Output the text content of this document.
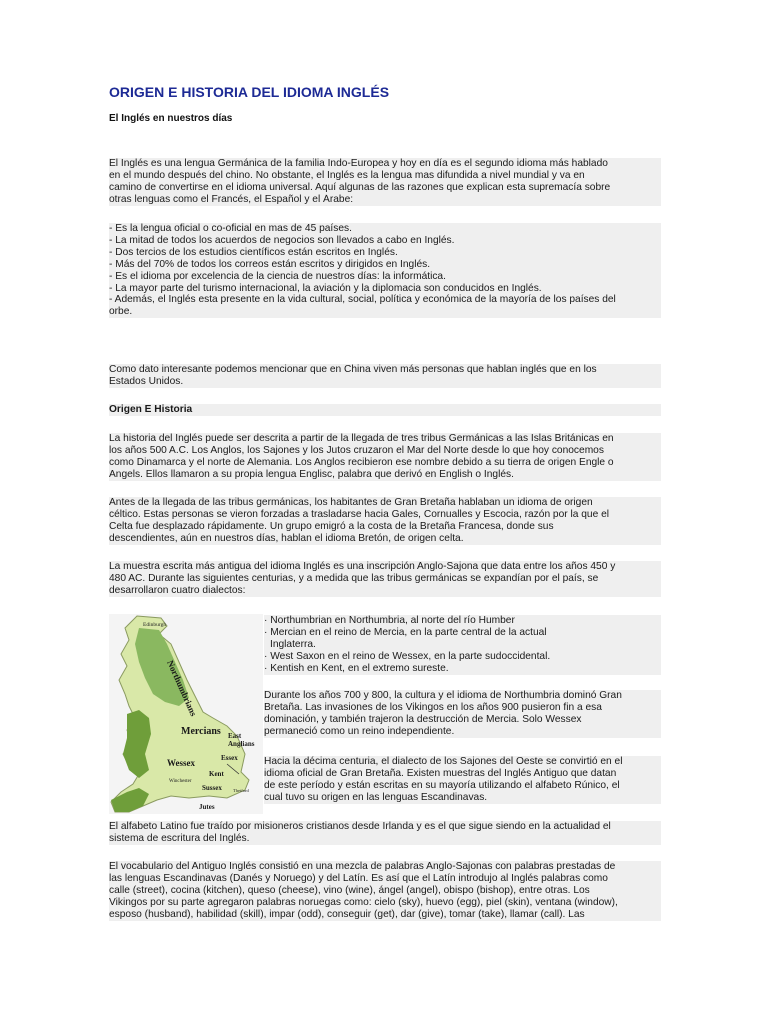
ORIGEN E HISTORIA DEL IDIOMA INGLÉS
El Inglés en nuestros días
El Inglés es una lengua Germánica de la familia Indo-Europea y hoy en día es el segundo idioma más hablado
en el mundo después del chino. No obstante, el Inglés es la lengua mas difundida a nivel mundial y va en
camino de convertirse en el idioma universal. Aquí algunas de las razones que explican esta supremacía sobre
otras lenguas como el Francés, el Español y el Árabe:
- Es la lengua oficial o co-oficial en mas de 45 países.
- La mitad de todos los acuerdos de negocios son llevados a cabo en Inglés.
- Dos tercios de los estudios científicos están escritos en Inglés.
- Más del 70% de todos los correos están escritos y dirigidos en Inglés.
- Es el idioma por excelencia de la ciencia de nuestros días: la informática.
- La mayor parte del turismo internacional, la aviación y la diplomacia son conducidos en Inglés.
- Además, el Inglés esta presente en la vida cultural, social, política y económica de la mayoría de los países del
orbe.
Como dato interesante podemos mencionar que en China viven más personas que hablan inglés que en los
Estados Unidos.
Origen E Historia
La historia del Inglés puede ser descrita a partir de la llegada de tres tribus Germánicas a las Islas Británicas en
los años 500 A.C. Los Anglos, los Sajones y los Jutos cruzaron el Mar del Norte desde lo que hoy conocemos
como Dinamarca y el norte de Alemania. Los Anglos recibieron ese nombre debido a su tierra de origen Engle o
Angels. Ellos llamaron a su propia lengua Englisc, palabra que derivó en English o Inglés.
Antes de la llegada de las tribus germánicas, los habitantes de Gran Bretaña hablaban un idioma de origen
céltico. Estas personas se vieron forzadas a trasladarse hacia Gales, Cornualles y Escocia, razón por la que el
Celta fue desplazado rápidamente. Un grupo emigró a la costa de la Bretaña Francesa, donde sus
descendientes, aún en nuestros días, hablan el idioma Bretón, de origen celta.
La muestra escrita más antigua del idioma Inglés es una inscripción Anglo-Sajona que data entre los años 450 y
480 AC. Durante las siguientes centurias, y a medida que las tribus germánicas se expandían por el país, se
desarrollaron cuatro dialectos:
Edinburgh
Northumbrians
Mercians
Wessex
Kent
Sussex
Jutes
Winchester
Thetford
East Anglians
Essex
· Northumbrian en Northumbria, al norte del río Humber
· Mercian en el reino de Mercia, en la parte central de la actual
Inglaterra.
· West Saxon en el reino de Wessex, en la parte sudoccidental.
· Kentish en Kent, en el extremo sureste.
Durante los años 700 y 800, la cultura y el idioma de Northumbria dominó Gran
Bretaña. Las invasiones de los Vikingos en los años 900 pusieron fin a esa
dominación, y también trajeron la destrucción de Mercia. Solo Wessex
permaneció como un reino independiente.
Hacia la décima centuria, el dialecto de los Sajones del Oeste se convirtió en el
idioma oficial de Gran Bretaña. Existen muestras del Inglés Antiguo que datan
de este período y están escritas en su mayoría utilizando el alfabeto Rúnico, el
cual tuvo su origen en las lenguas Escandinavas.
El alfabeto Latino fue traído por misioneros cristianos desde Irlanda y es el que sigue siendo en la actualidad el
sistema de escritura del Inglés.
El vocabulario del Antiguo Inglés consistió en una mezcla de palabras Anglo-Sajonas con palabras prestadas de
las lenguas Escandinavas (Danés y Noruego) y del Latín. Es así que el Latín introdujo al Inglés palabras como
calle (street), cocina (kitchen), queso (cheese), vino (wine), ángel (angel), obispo (bishop), entre otras. Los
Vikingos por su parte agregaron palabras noruegas como: cielo (sky), huevo (egg), piel (skin), ventana (window),
esposo (husband), habilidad (skill), impar (odd), conseguir (get), dar (give), tomar (take), llamar (call). Las
